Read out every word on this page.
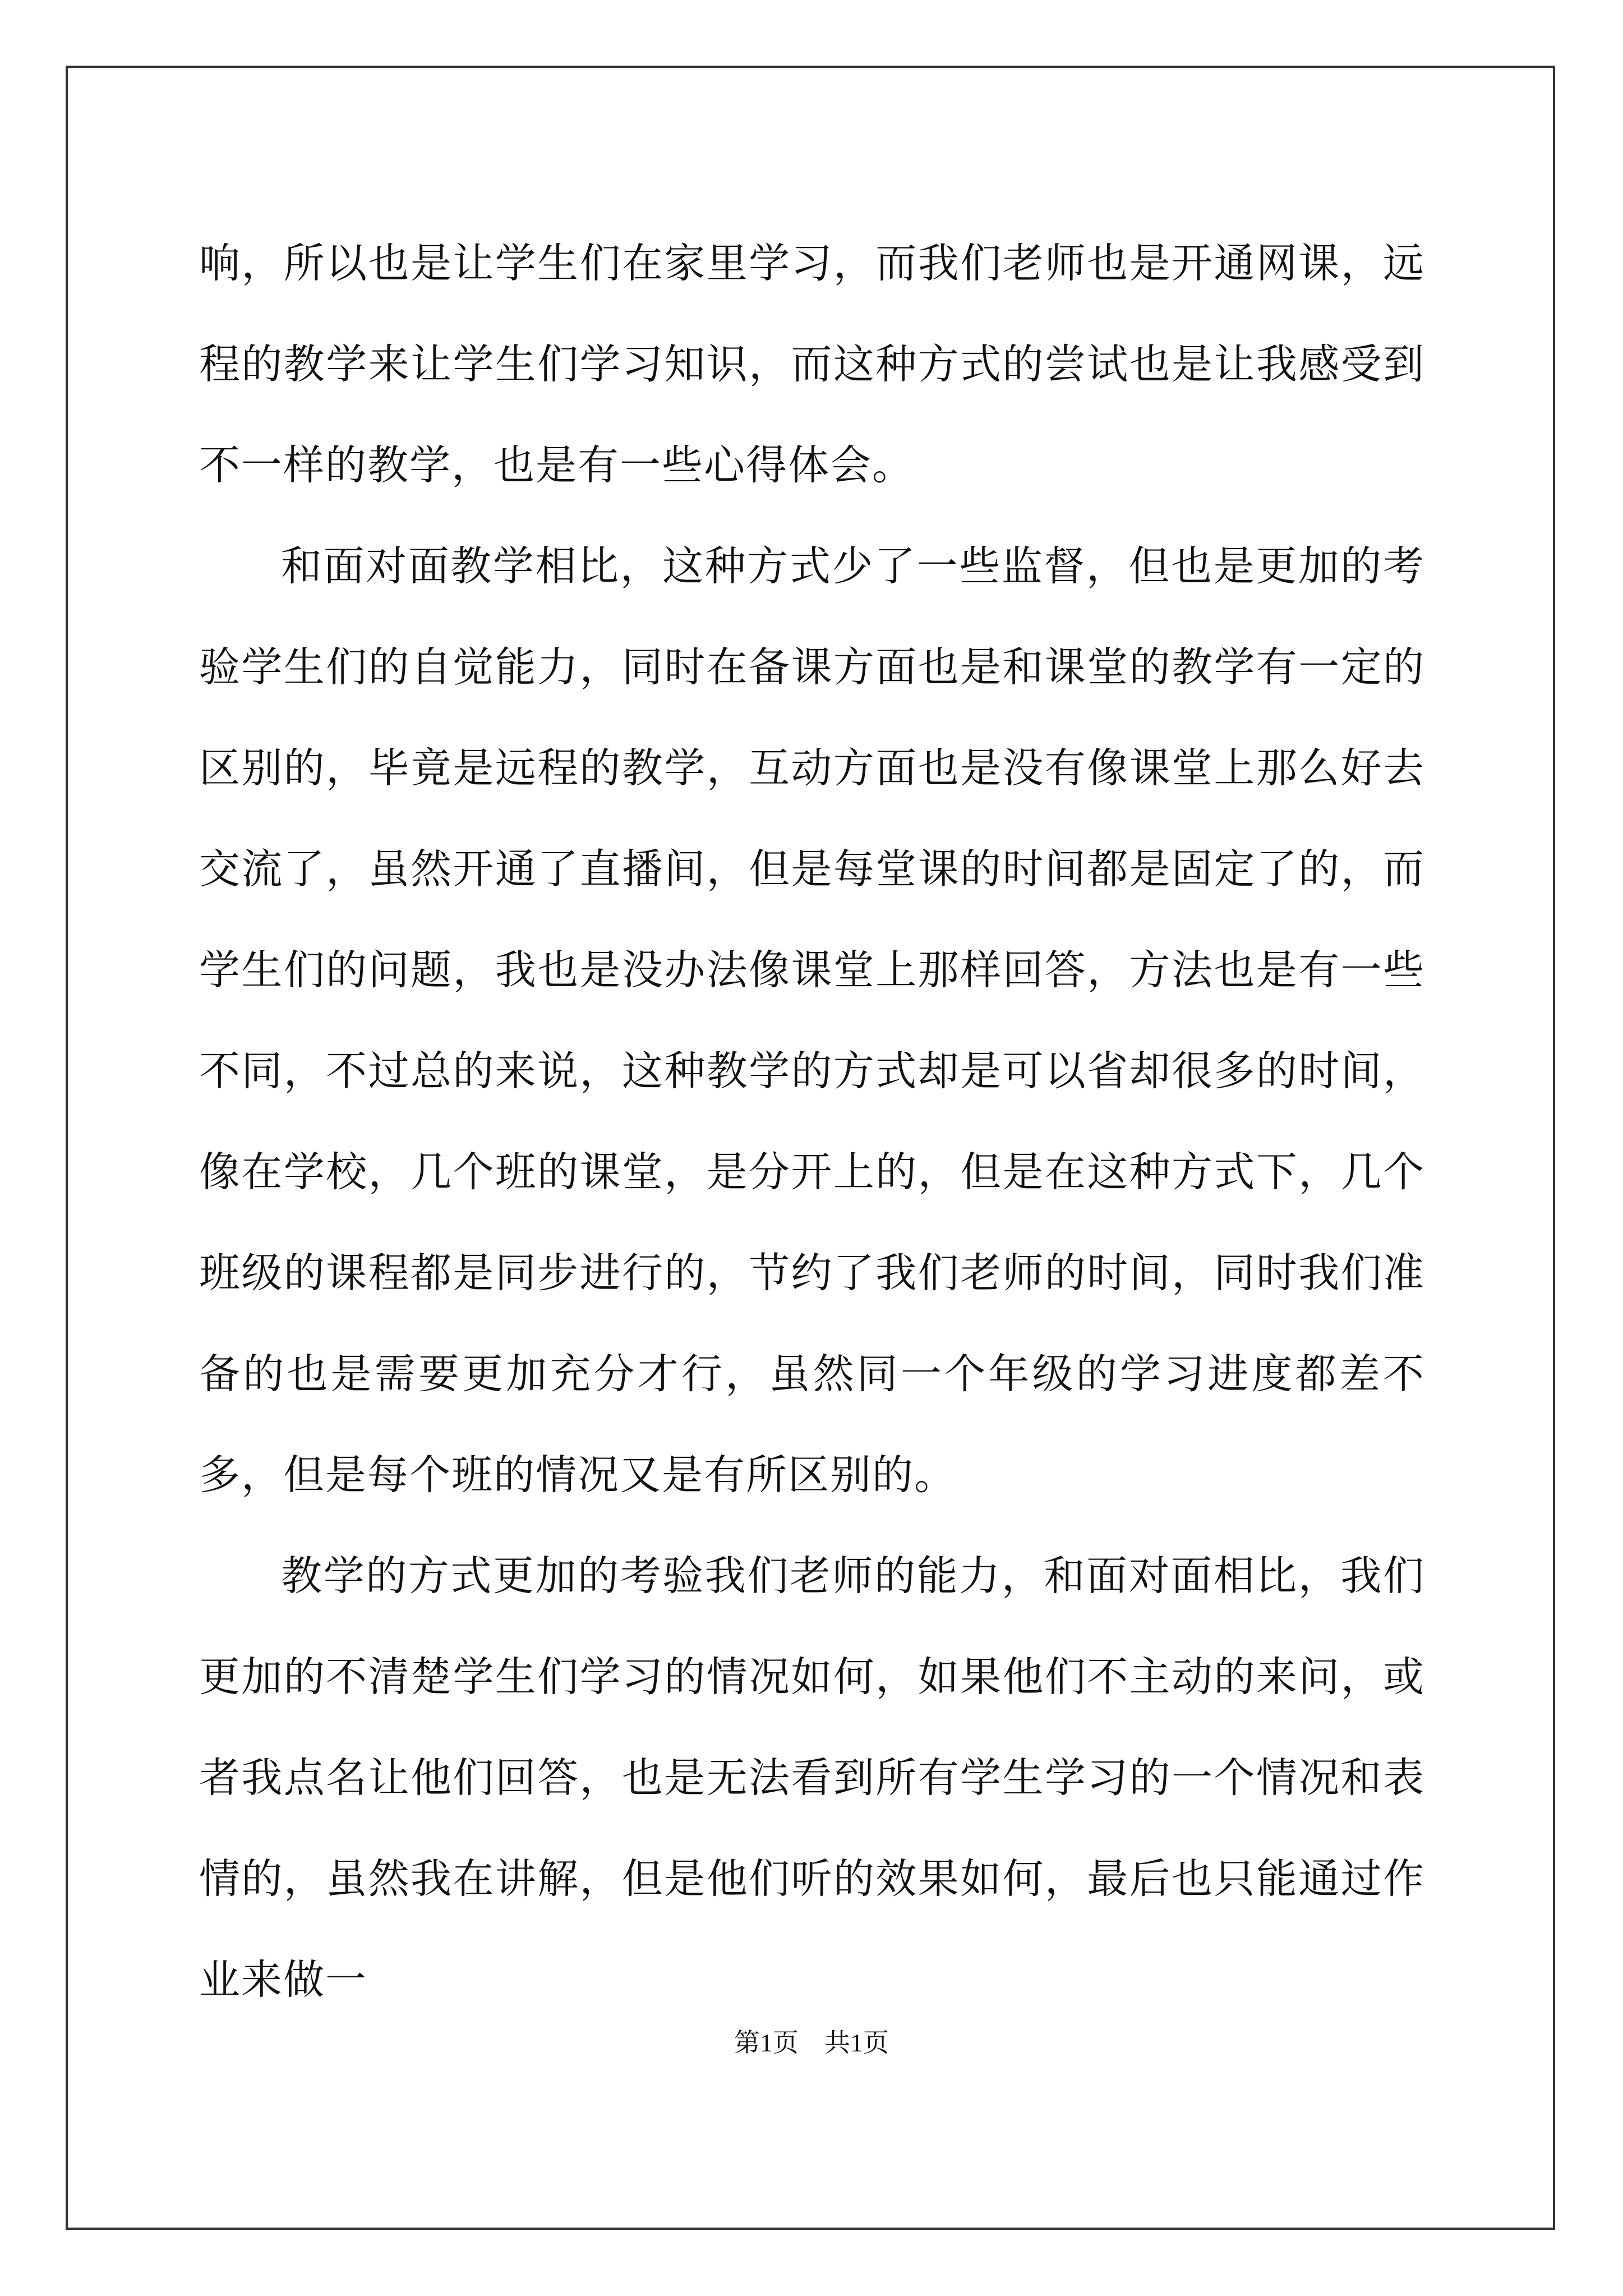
响，所以也是让学生们在家里学习，而我们老师也是开通网课，远程的教学来让学生们学习知识，而这种方式的尝试也是让我感受到不一样的教学，也是有一些心得体会。

和面对面教学相比，这种方式少了一些监督，但也是更加的考验学生们的自觉能力，同时在备课方面也是和课堂的教学有一定的区别的，毕竟是远程的教学，互动方面也是没有像课堂上那么好去交流了，虽然开通了直播间，但是每堂课的时间都是固定了的，而学生们的问题，我也是没办法像课堂上那样回答，方法也是有一些不同，不过总的来说，这种教学的方式却是可以省却很多的时间，像在学校，几个班的课堂，是分开上的，但是在这种方式下，几个班级的课程都是同步进行的，节约了我们老师的时间，同时我们准备的也是需要更加充分才行，虽然同一个年级的学习进度都差不多，但是每个班的情况又是有所区别的。

教学的方式更加的考验我们老师的能力，和面对面相比，我们更加的不清楚学生们学习的情况如何，如果他们不主动的来问，或者我点名让他们回答，也是无法看到所有学生学习的一个情况和表情的，虽然我在讲解，但是他们听的效果如何，最后也只能通过作业来做一

第1页　共1页
